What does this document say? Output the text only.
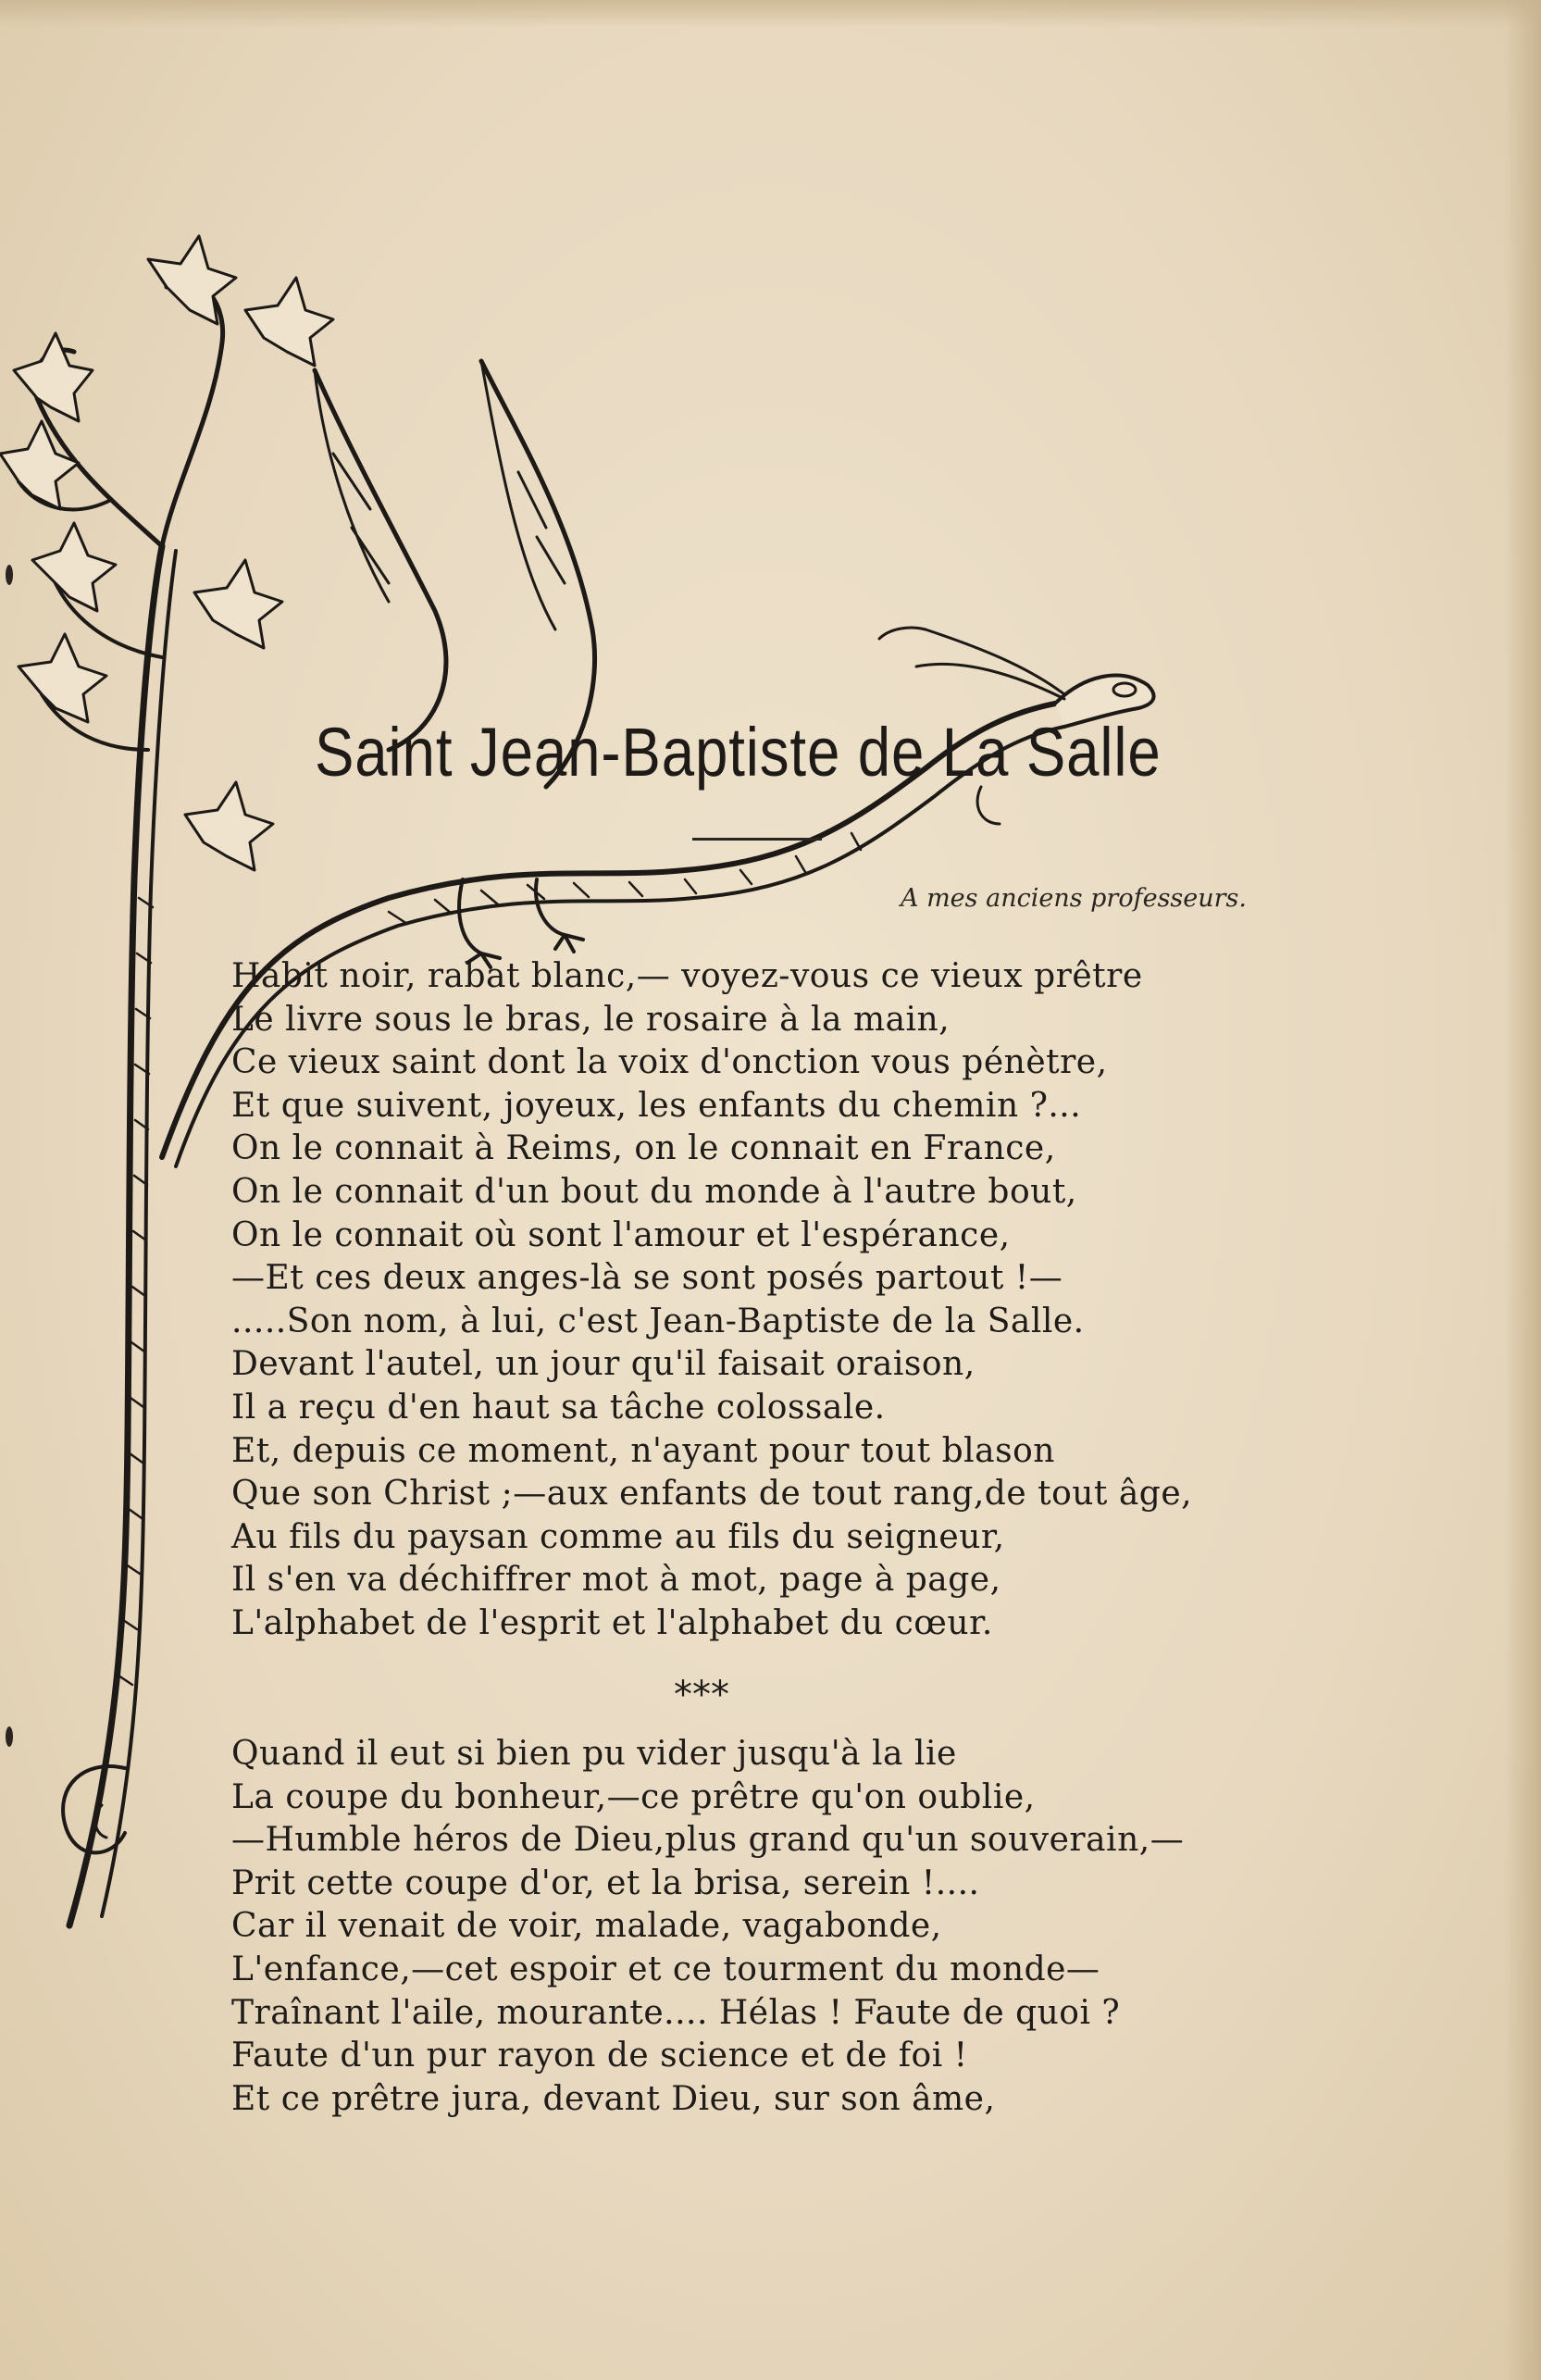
Saint Jean-Baptiste de La Salle
A mes anciens professeurs.
Habit noir, rabat blanc,— voyez-vous ce vieux prêtre
Le livre sous le bras, le rosaire à la main,
Ce vieux saint dont la voix d'onction vous pénètre,
Et que suivent, joyeux, les enfants du chemin ?...
On le connait à Reims, on le connait en France,
On le connait d'un bout du monde à l'autre bout,
On le connait où sont l'amour et l'espérance,
—Et ces deux anges-là se sont posés partout !—
.....Son nom, à lui, c'est Jean-Baptiste de la Salle.
Devant l'autel, un jour qu'il faisait oraison,
Il a reçu d'en haut sa tâche colossale.
Et, depuis ce moment, n'ayant pour tout blason
Que son Christ ;—aux enfants de tout rang,de tout âge,
Au fils du paysan comme au fils du seigneur,
Il s'en va déchiffrer mot à mot, page à page,
L'alphabet de l'esprit et l'alphabet du cœur.
***
Quand il eut si bien pu vider jusqu'à la lie
La coupe du bonheur,—ce prêtre qu'on oublie,
—Humble héros de Dieu,plus grand qu'un souverain,—
Prit cette coupe d'or, et la brisa, serein !....
Car il venait de voir, malade, vagabonde,
L'enfance,—cet espoir et ce tourment du monde—
Traînant l'aile, mourante.... Hélas ! Faute de quoi ?
Faute d'un pur rayon de science et de foi !
Et ce prêtre jura, devant Dieu, sur son âme,
